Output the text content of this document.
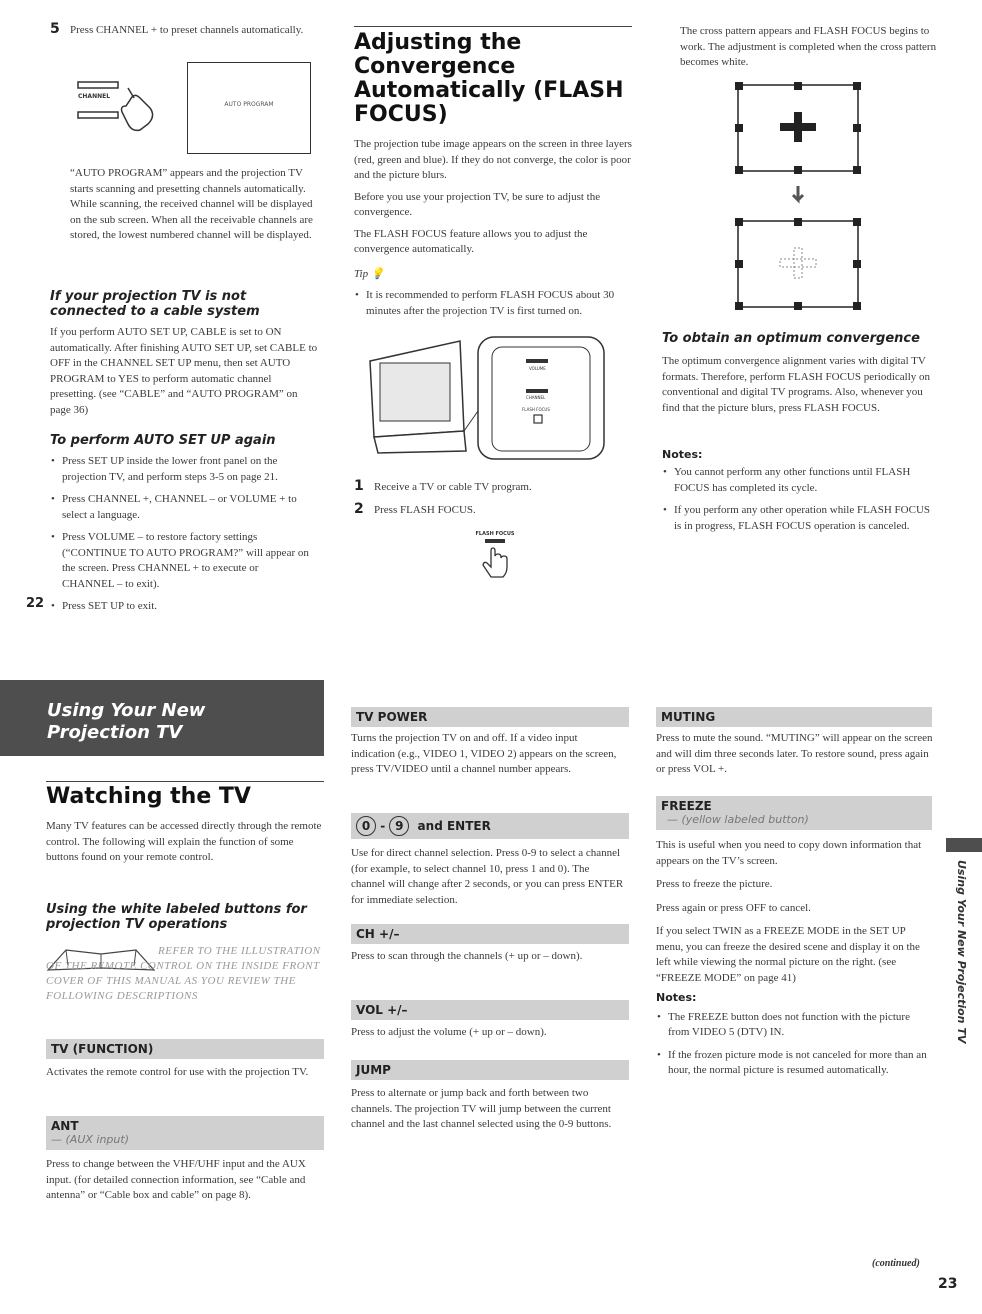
5 Press CHANNEL + to preset channels automatically.
CHANNEL
AUTO PROGRAM

“AUTO PROGRAM” appears and the projection TV starts scanning and presetting channels automatically. While scanning, the received channel will be displayed on the sub screen. When all the receivable channels are stored, the lowest numbered channel will be displayed.

If your projection TV is not connected to a cable system

If you perform AUTO SET UP, CABLE is set to ON automatically. After finishing AUTO SET UP, set CABLE to OFF in the CHANNEL SET UP menu, then set AUTO PROGRAM to YES to perform automatic channel presetting. (see “CABLE” and “AUTO PROGRAM” on page 36)

To perform AUTO SET UP again
• Press SET UP inside the lower front panel on the projection TV, and perform steps 3-5 on page 21.
• Press CHANNEL +, CHANNEL – or VOLUME + to select a language.
• Press VOLUME – to restore factory settings (“CONTINUE TO AUTO PROGRAM?” will appear on the screen. Press CHANNEL + to execute or CHANNEL – to exit).
• Press SET UP to exit.
22
Adjusting the Convergence Automatically (FLASH FOCUS)

The projection tube image appears on the screen in three layers (red, green and blue). If they do not converge, the color is poor and the picture blurs.

Before you use your projection TV, be sure to adjust the convergence.

The FLASH FOCUS feature allows you to adjust the convergence automatically.

Tip 💡
• It is recommended to perform FLASH FOCUS about 30 minutes after the projection TV is first turned on.
VOLUME
CHANNEL
FLASH FOCUS
1 Receive a TV or cable TV program.
2 Press FLASH FOCUS.
FLASH FOCUS

The cross pattern appears and FLASH FOCUS begins to work. The adjustment is completed when the cross pattern becomes white.

To obtain an optimum convergence

The optimum convergence alignment varies with digital TV formats. Therefore, perform FLASH FOCUS periodically on conventional and digital TV programs. Also, whenever you find that the picture blurs, press FLASH FOCUS.

Notes:
• You cannot perform any other functions until FLASH FOCUS has completed its cycle.
• If you perform any other operation while FLASH FOCUS is in progress, FLASH FOCUS operation is canceled.
Using Your New Projection TV
Watching the TV

Many TV features can be accessed directly through the remote control. The following will explain the function of some buttons found on your remote control.

Using the white labeled buttons for projection TV operations

REFER TO THE ILLUSTRATION OF THE REMOTE CONTROL ON THE INSIDE FRONT COVER OF THIS MANUAL AS YOU REVIEW THE FOLLOWING DESCRIPTIONS

TV (FUNCTION)

Activates the remote control for use with the projection TV.

ANT
— (AUX input)

Press to change between the VHF/UHF input and the AUX input. (for detailed connection information, see “Cable and antenna” or “Cable box and cable” on page 8).

TV POWER

Turns the projection TV on and off. If a video input indication (e.g., VIDEO 1, VIDEO 2) appears on the screen, press TV/VIDEO until a channel number appears.

0 - 9 and ENTER

Use for direct channel selection. Press 0-9 to select a channel (for example, to select channel 10, press 1 and 0). The channel will change after 2 seconds, or you can press ENTER for immediate selection.

CH +/–

Press to scan through the channels (+ up or – down).

VOL +/–

Press to adjust the volume (+ up or – down).

JUMP

Press to alternate or jump back and forth between two channels. The projection TV will jump between the current channel and the last channel selected using the 0-9 buttons.

MUTING

Press to mute the sound. “MUTING” will appear on the screen and will dim three seconds later. To restore sound, press again or press VOL +.

FREEZE
— (yellow labeled button)

This is useful when you need to copy down information that appears on the TV’s screen.

Press to freeze the picture.

Press again or press OFF to cancel.

If you select TWIN as a FREEZE MODE in the SET UP menu, you can freeze the desired scene and display it on the left while viewing the normal picture on the right. (see “FREEZE MODE” on page 41)

Notes:
• The FREEZE button does not function with the picture from VIDEO 5 (DTV) IN.
• If the frozen picture mode is not canceled for more than an hour, the normal picture is resumed automatically.
Using Your New Projection TV
(continued)
23
